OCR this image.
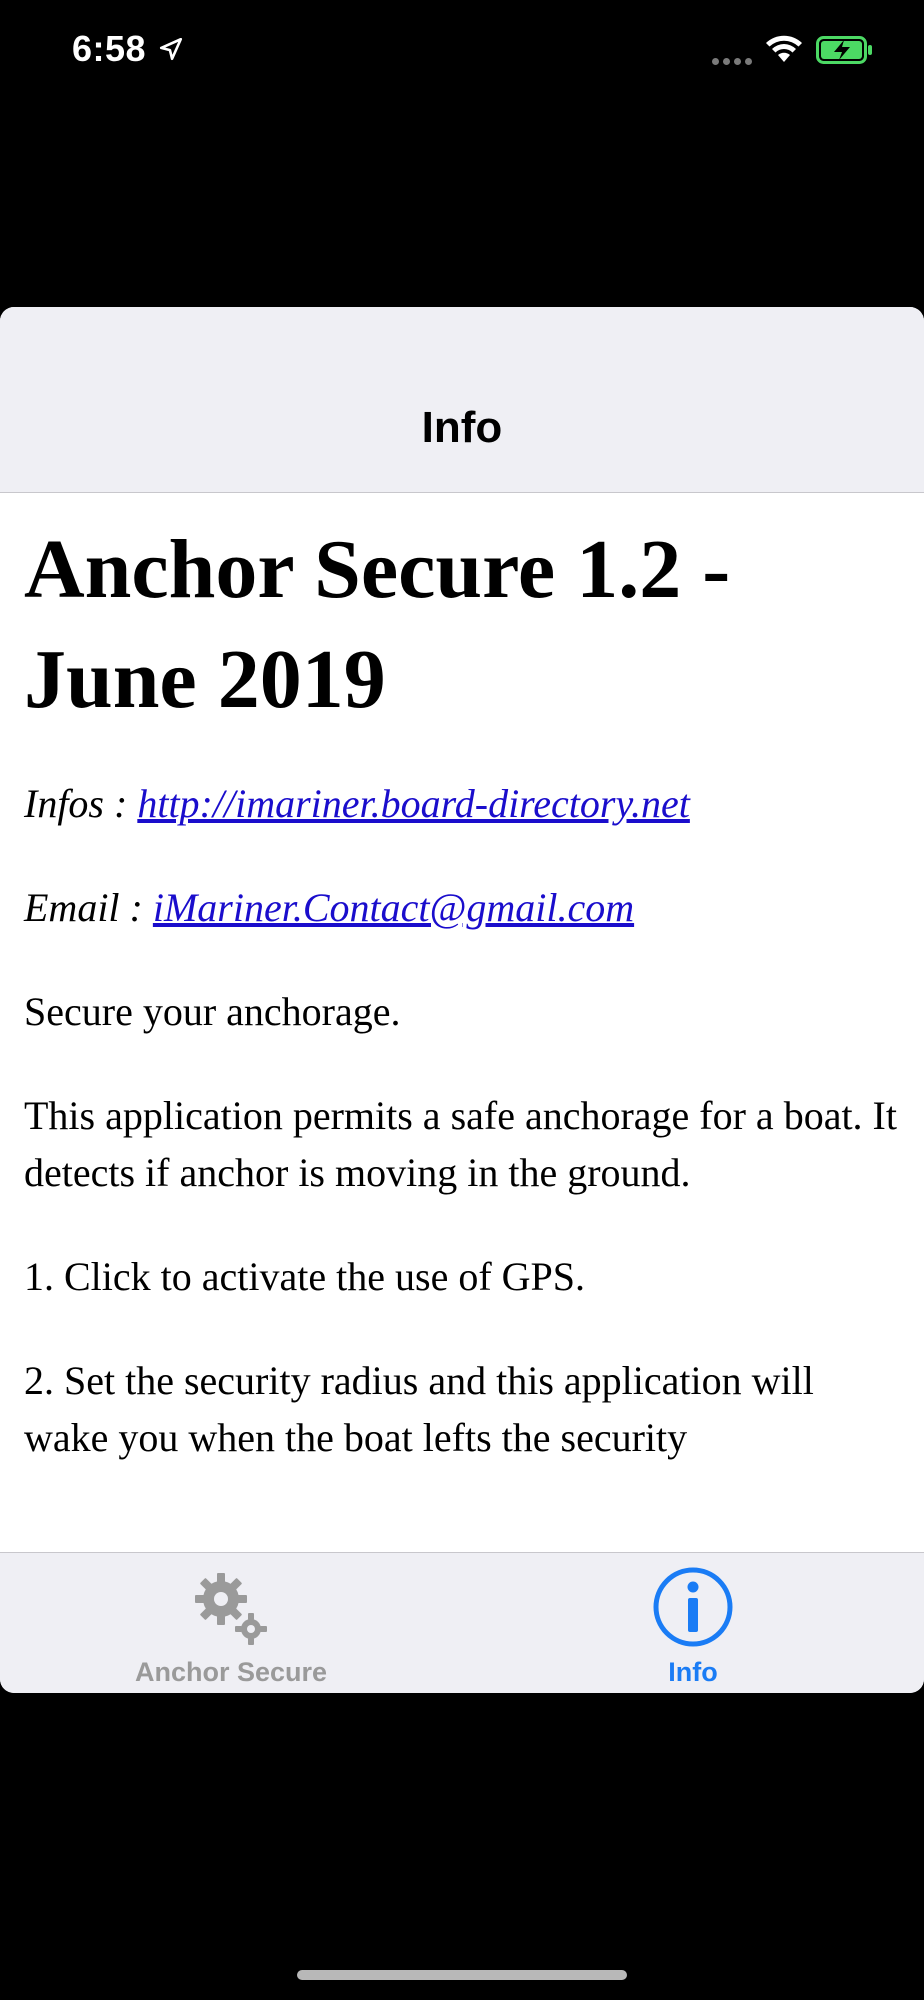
6:58
Info
Anchor Secure 1.2 - June 2019

Infos : http://imariner.board-directory.net

Email : iMariner.Contact@gmail.com

Secure your anchorage.

This application permits a safe anchorage for a boat. It detects if anchor is moving in the ground.

1. Click to activate the use of GPS.

2. Set the security radius and this application will wake you when the boat lefts the security

Anchor Secure	Info
